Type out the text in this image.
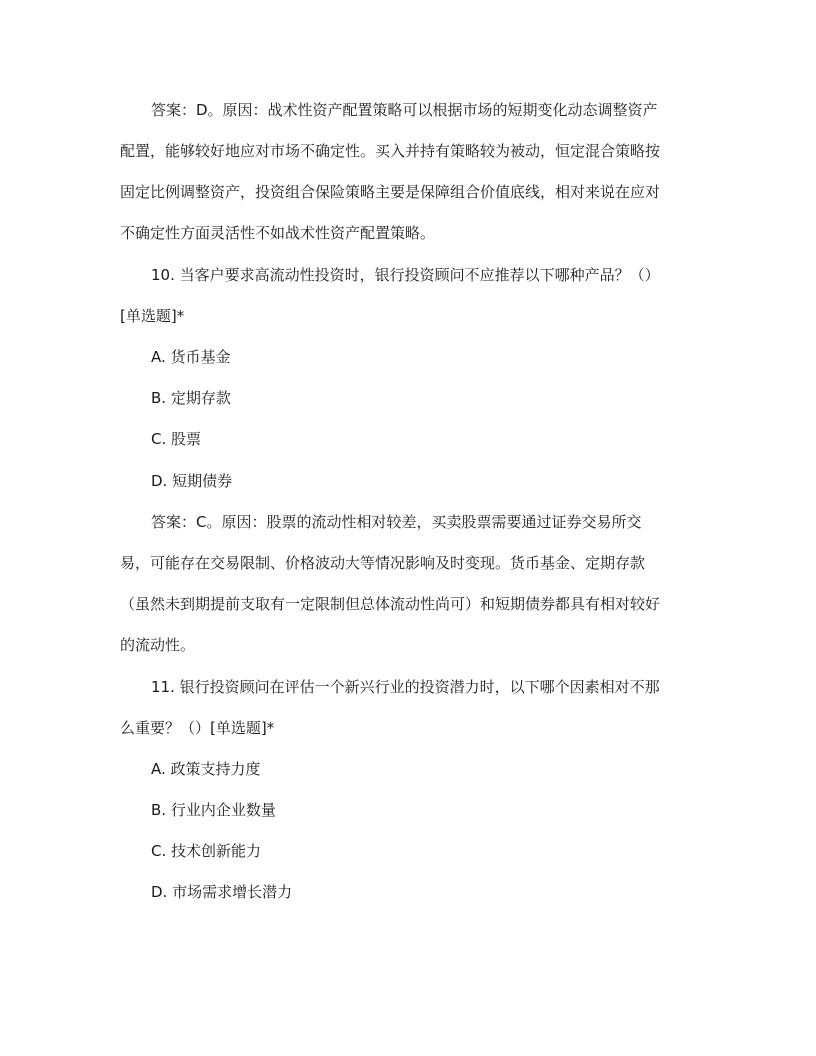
答案：D。原因：战术性资产配置策略可以根据市场的短期变化动态调整资产
配置，能够较好地应对市场不确定性。买入并持有策略较为被动，恒定混合策略按
固定比例调整资产，投资组合保险策略主要是保障组合价值底线，相对来说在应对
不确定性方面灵活性不如战术性资产配置策略。
10. 当客户要求高流动性投资时，银行投资顾问不应推荐以下哪种产品？（）
[单选题]*
A. 货币基金
B. 定期存款
C. 股票
D. 短期债券
答案：C。原因：股票的流动性相对较差，买卖股票需要通过证券交易所交
易，可能存在交易限制、价格波动大等情况影响及时变现。货币基金、定期存款
（虽然未到期提前支取有一定限制但总体流动性尚可）和短期债券都具有相对较好
的流动性。
11. 银行投资顾问在评估一个新兴行业的投资潜力时，以下哪个因素相对不那
么重要？（）[单选题]*
A. 政策支持力度
B. 行业内企业数量
C. 技术创新能力
D. 市场需求增长潜力
